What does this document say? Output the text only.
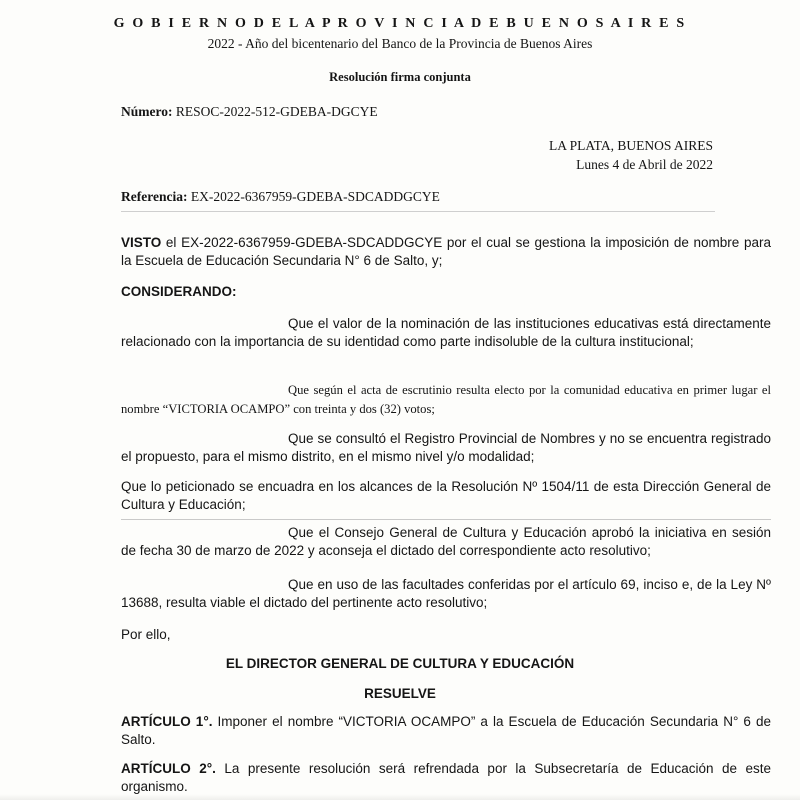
G O B I E R N O D E L A P R O V I N C I A D E B U E N O S A I R E S
2022 - Año del bicentenario del Banco de la Provincia de Buenos Aires
Resolución firma conjunta
Número: RESOC-2022-512-GDEBA-DGCYE
LA PLATA, BUENOS AIRES
Lunes 4 de Abril de 2022
Referencia: EX-2022-6367959-GDEBA-SDCADDGCYE
VISTO el EX-2022-6367959-GDEBA-SDCADDGCYE por el cual se gestiona la imposición de nombre para la Escuela de Educación Secundaria N° 6 de Salto, y;
CONSIDERANDO:
Que el valor de la nominación de las instituciones educativas está directamente relacionado con la importancia de su identidad como parte indisoluble de la cultura institucional;
Que según el acta de escrutinio resulta electo por la comunidad educativa en primer lugar el nombre “VICTORIA OCAMPO” con treinta y dos (32) votos;
Que se consultó el Registro Provincial de Nombres y no se encuentra registrado el propuesto, para el mismo distrito, en el mismo nivel y/o modalidad;
Que lo peticionado se encuadra en los alcances de la Resolución Nº 1504/11 de esta Dirección General de Cultura y Educación;
Que el Consejo General de Cultura y Educación aprobó la iniciativa en sesión de fecha 30 de marzo de 2022 y aconseja el dictado del correspondiente acto resolutivo;
Que en uso de las facultades conferidas por el artículo 69, inciso e, de la Ley Nº 13688, resulta viable el dictado del pertinente acto resolutivo;
Por ello,
EL DIRECTOR GENERAL DE CULTURA Y EDUCACIÓN
RESUELVE
ARTÍCULO 1°. Imponer el nombre “VICTORIA OCAMPO” a la Escuela de Educación Secundaria N° 6 de Salto.
ARTÍCULO 2°. La presente resolución será refrendada por la Subsecretaría de Educación de este organismo.
